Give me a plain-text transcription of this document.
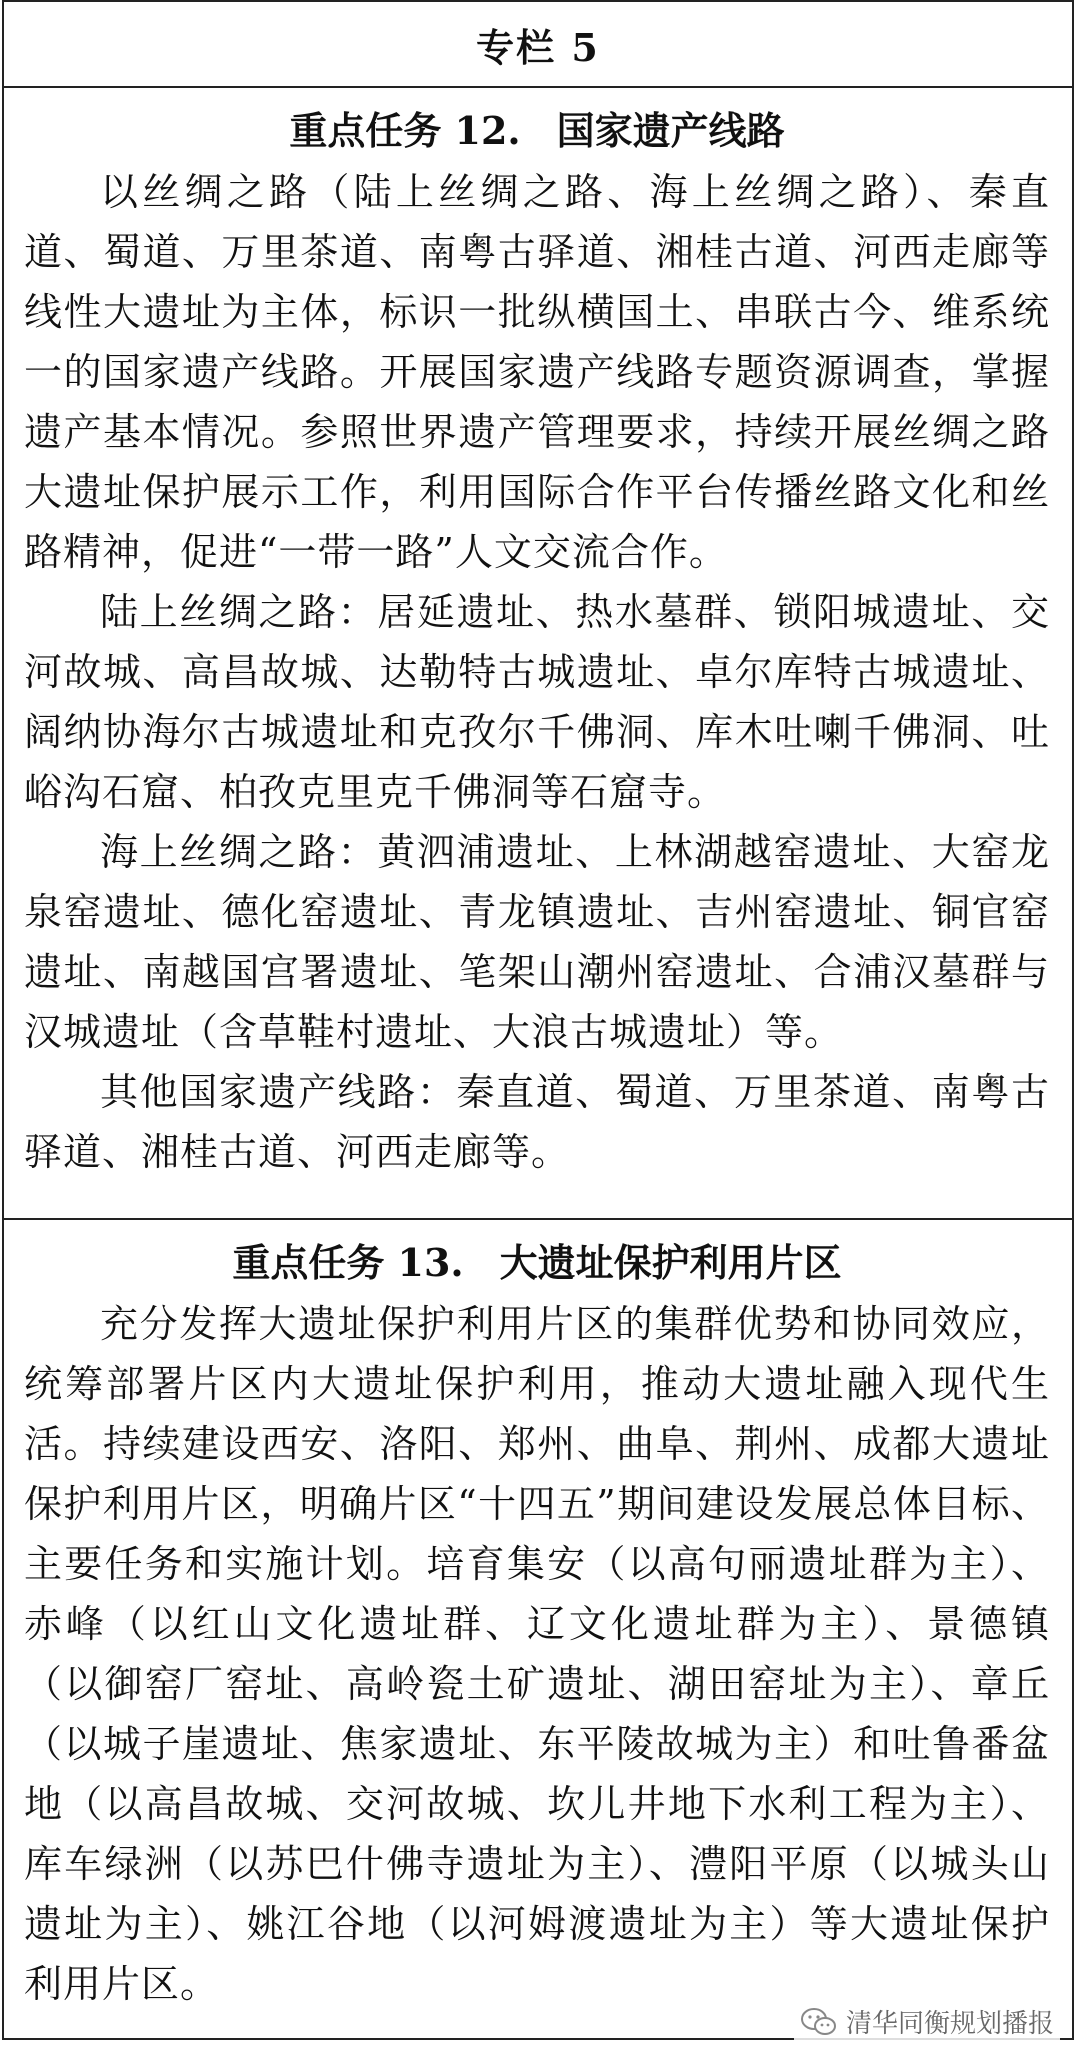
专栏 5
重点任务 12. 国家遗产线路

以丝绸之路（陆上丝绸之路、海上丝绸之路）、秦直道、蜀道、万里茶道、南粤古驿道、湘桂古道、河西走廊等线性大遗址为主体，标识一批纵横国土、串联古今、维系统一的国家遗产线路。开展国家遗产线路专题资源调查，掌握遗产基本情况。参照世界遗产管理要求，持续开展丝绸之路大遗址保护展示工作，利用国际合作平台传播丝路文化和丝路精神，促进“一带一路”人文交流合作。

陆上丝绸之路：居延遗址、热水墓群、锁阳城遗址、交河故城、高昌故城、达勒特古城遗址、卓尔库特古城遗址、阔纳协海尔古城遗址和克孜尔千佛洞、库木吐喇千佛洞、吐峪沟石窟、柏孜克里克千佛洞等石窟寺。

海上丝绸之路：黄泗浦遗址、上林湖越窑遗址、大窑龙泉窑遗址、德化窑遗址、青龙镇遗址、吉州窑遗址、铜官窑遗址、南越国宫署遗址、笔架山潮州窑遗址、合浦汉墓群与汉城遗址（含草鞋村遗址、大浪古城遗址）等。

其他国家遗产线路：秦直道、蜀道、万里茶道、南粤古驿道、湘桂古道、河西走廊等。

重点任务 13. 大遗址保护利用片区

充分发挥大遗址保护利用片区的集群优势和协同效应，统筹部署片区内大遗址保护利用，推动大遗址融入现代生活。持续建设西安、洛阳、郑州、曲阜、荆州、成都大遗址保护利用片区，明确片区“十四五”期间建设发展总体目标、主要任务和实施计划。培育集安（以高句丽遗址群为主）、赤峰（以红山文化遗址群、辽文化遗址群为主）、景德镇（以御窑厂窑址、高岭瓷土矿遗址、湖田窑址为主）、章丘（以城子崖遗址、焦家遗址、东平陵故城为主）和吐鲁番盆地（以高昌故城、交河故城、坎儿井地下水利工程为主）、库车绿洲（以苏巴什佛寺遗址为主）、澧阳平原（以城头山遗址为主）、姚江谷地（以河姆渡遗址为主）等大遗址保护利用片区。

清华同衡规划播报
